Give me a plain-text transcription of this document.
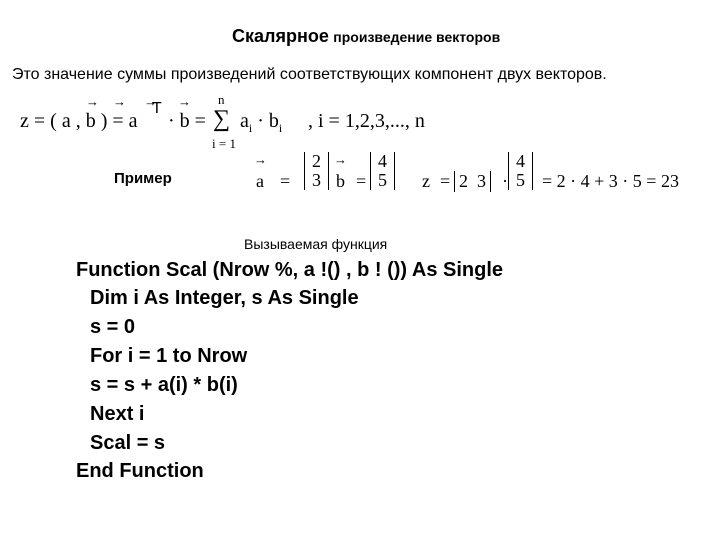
Скалярное произведение векторов
Это значение суммы произведений соответствующих компонент двух векторов.
z = ( a , b ) = a
T
· b =
→ → → → n
∑
i = 1
$a_i \cdot b_i$ , i = 1,2,3,..., n
Пример
→
a =
2
3
→
b =
4
5 z = 2 3 ·
4
5 = 2 · 4 + 3 · 5 = 23
Вызываемая функция
Function Scal (Nrow %, a !() , b ! ()) As Single
Dim i As Integer, s As Single
s = 0
For i = 1 to Nrow
s = s + a(i) * b(i)
Next i
Scal = s
End Function
